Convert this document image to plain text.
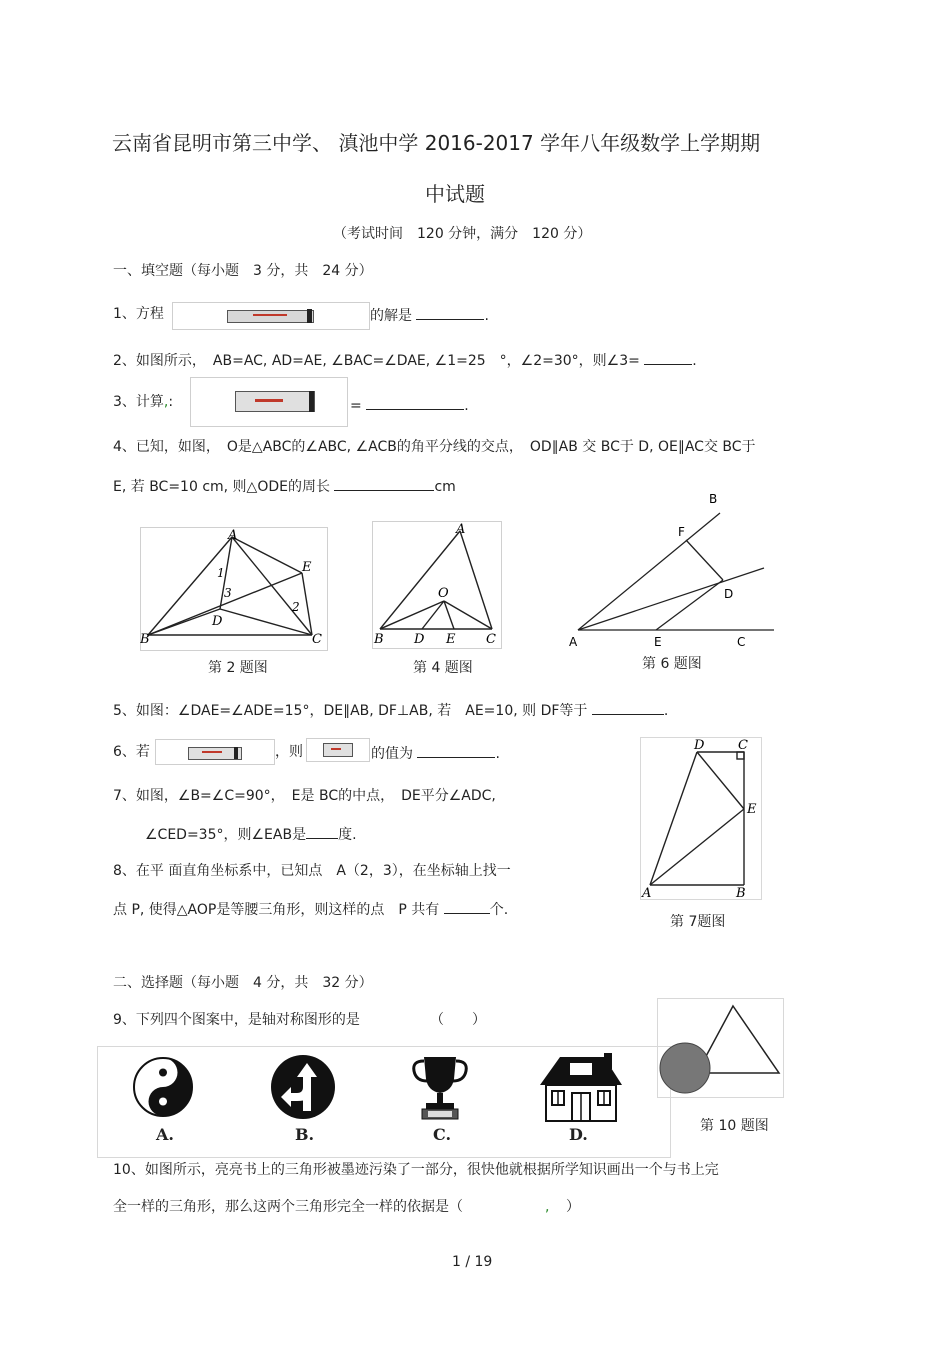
云南省昆明市第三中学、 滇池中学 2016-2017 学年八年级数学上学期期
中试题
（考试时间　120 分钟，满分　120 分）
一、填空题（每小题　3 分，共　24 分）
1、方程	的解是	.
2、如图所示，　AB=AC, AD=AE, ∠BAC=∠DAE, ∠1=25　°，∠2=30°，则∠3=	.
3、计算,:	=	.
4、已知，如图，　O是△ABC的∠ABC, ∠ACB的角平分线的交点，　OD∥AB 交 BC于 D, OE∥AC交 BC于
E, 若 BC=10 cm, 则△ODE的周长	cm
A
B	C
D
E
1
2
3
第 2 题图
A
B	C
D E
O
第 4 题图
B
F
D
A	E	C
第 6 题图
5、如图：∠DAE=∠ADE=15°，DE∥AB, DF⊥AB, 若　AE=10, 则 DF等于	.
6、若	，则	的值为	.
D	C
E
A	B
第 7题图
7、如图，∠B=∠C=90°，　E是 BC的中点，　DE平分∠ADC,
∠CED=35°，则∠EAB是 度.
8、在平 面直角坐标系中，已知点　A（2，3），在坐标轴上找一
点 P, 使得△AOP是等腰三角形，则这样的点　P 共有	个.
二、选择题（每小题　4 分，共　32 分）
9、下列四个图案中，是轴对称图形的是	（　　）
A.	B.	C.	D.	第 10 题图
10、如图所示，亮亮书上的三角形被墨迹污染了一部分，很快他就根据所学知识画出一个与书上完
全一样的三角形，那么这两个三角形完全一样的依据是（	, ）
1 / 19
